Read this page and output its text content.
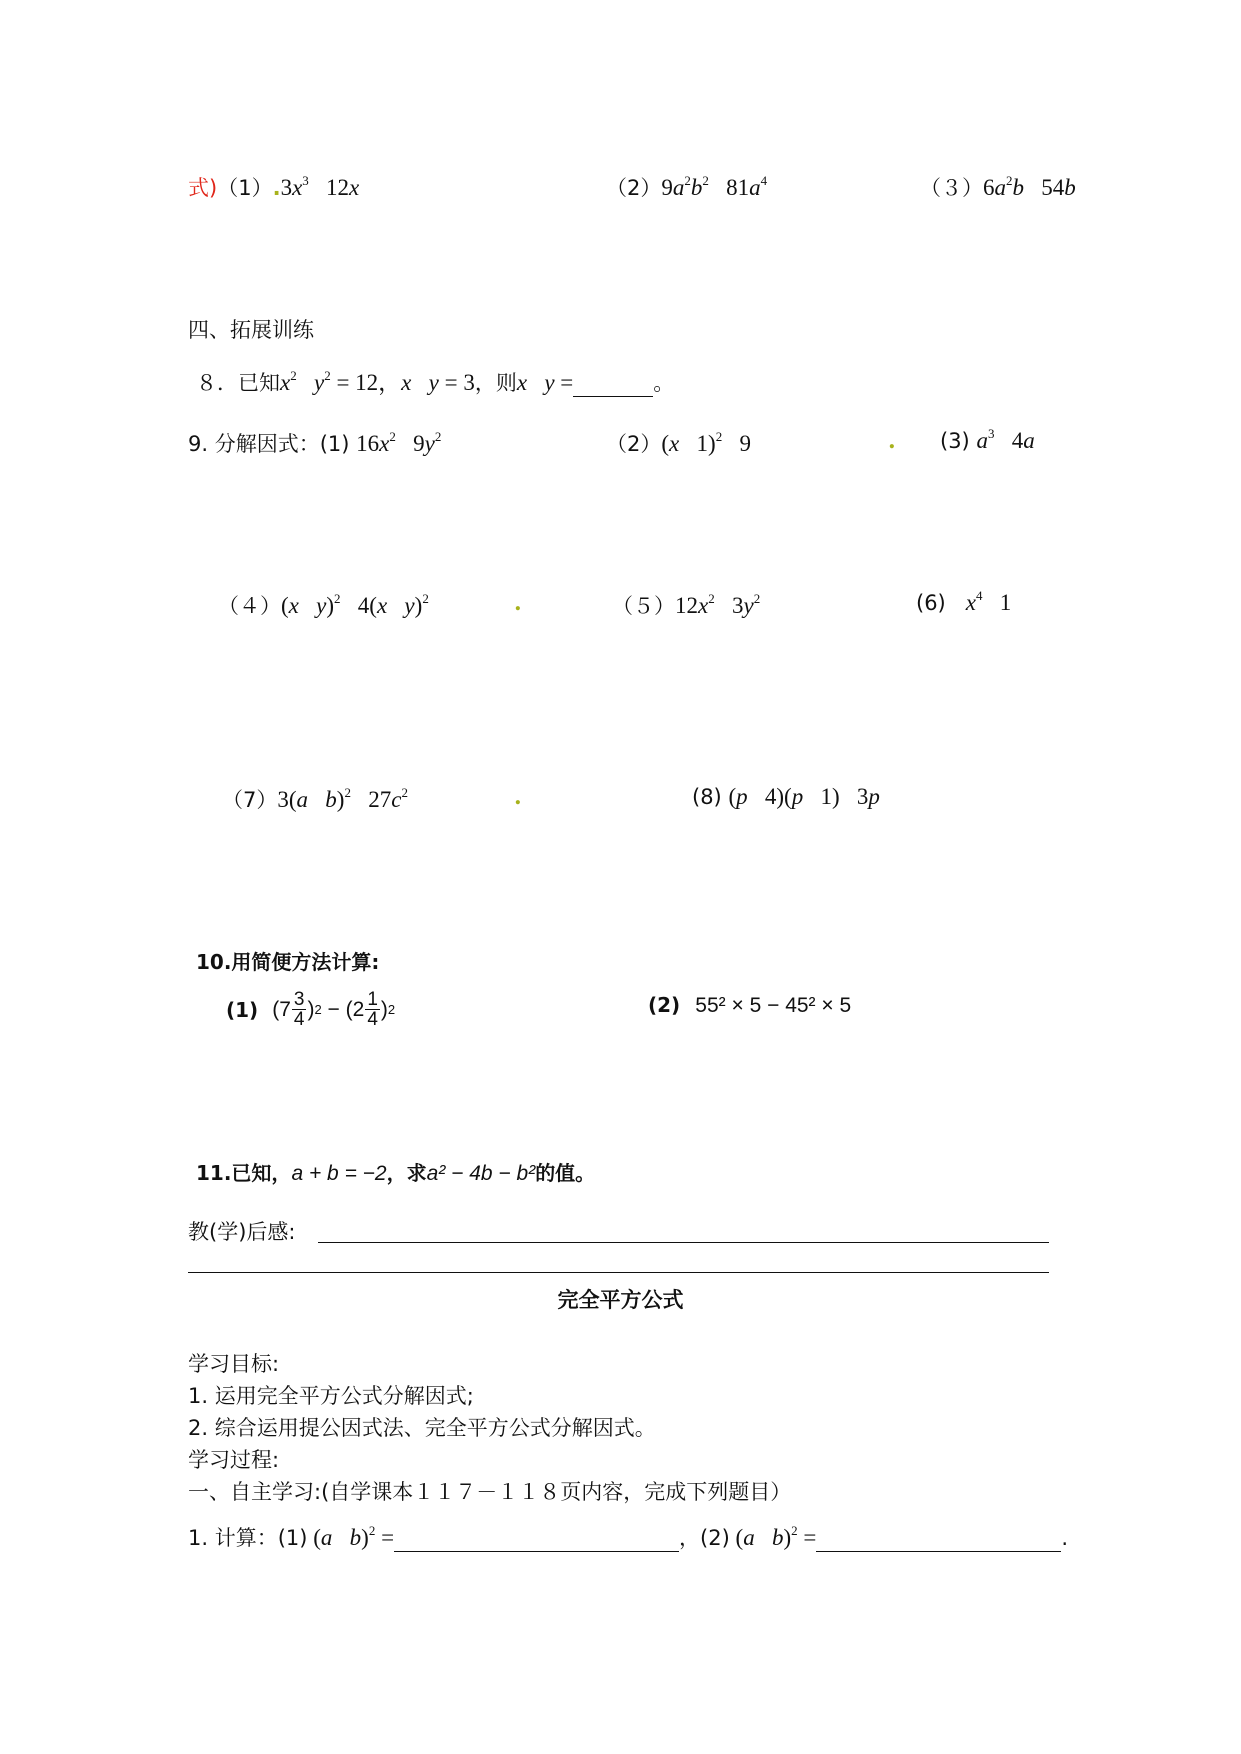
式)$(1).3x^3$   12x	$(2)9a^2b^2$   $81a^4$	$(3)6a^2b$   54b
四、拓展训练
８．已知$x^2$ $y^2 = 12$，x y = 3，则x y =	。
9. 分解因式：(1) $16x^2$   $9y^2$	（2）(x   1)$^2$   9	. (3) $a^3$   4a
（４）(x y)$^2$   4(x y)$^2$	.	$(5)12x^2$   $3y^2$	(6) $x^4$   1
（7）3(a b)$^2$   $27c^2$	.	(8) (p   4)(p   1)   3p
10.用简便方法计算:
(1) ($7 \frac{3}{4}$ ) $2 - (2 \frac{1}{4}$ ) 2	(2) 55² × 5 − 45² × 5
11.已知，a + b = −2，求a² − 4b − b²的值。
教(学)后感:
完全平方公式
学习目标:
1. 运用完全平方公式分解因式;
2. 综合运用提公因式法、完全平方公式分解因式。
学习过程:
一、自主学习:(自学课本１１７－１１８页内容，完成下列题目）
1. 计算：(1) (a b)$^2$ =	，(2) (a b)$^2$ =	.
